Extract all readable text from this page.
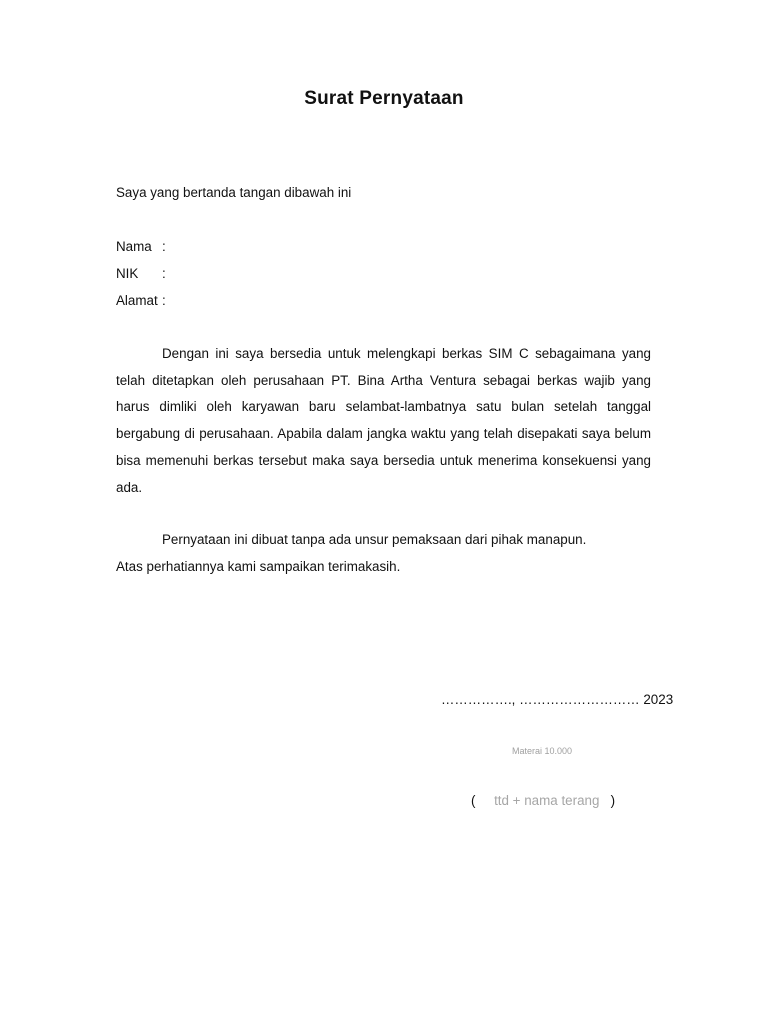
Surat Pernyataan
Saya yang bertanda tangan dibawah ini
Nama :
NIK :
Alamat :
Dengan ini saya bersedia untuk melengkapi berkas SIM C sebagaimana yang telah ditetapkan oleh perusahaan PT. Bina Artha Ventura sebagai berkas wajib yang harus dimliki oleh karyawan baru selambat-lambatnya satu bulan setelah tanggal bergabung di perusahaan. Apabila dalam jangka waktu yang telah disepakati saya belum bisa memenuhi berkas tersebut maka saya bersedia untuk menerima konsekuensi yang ada.
Pernyataan ini dibuat tanpa ada unsur pemaksaan dari pihak manapun.
Atas perhatiannya kami sampaikan terimakasih.
……………., ……………………… 2023
Materai 10.000
( ttd + nama terang )
